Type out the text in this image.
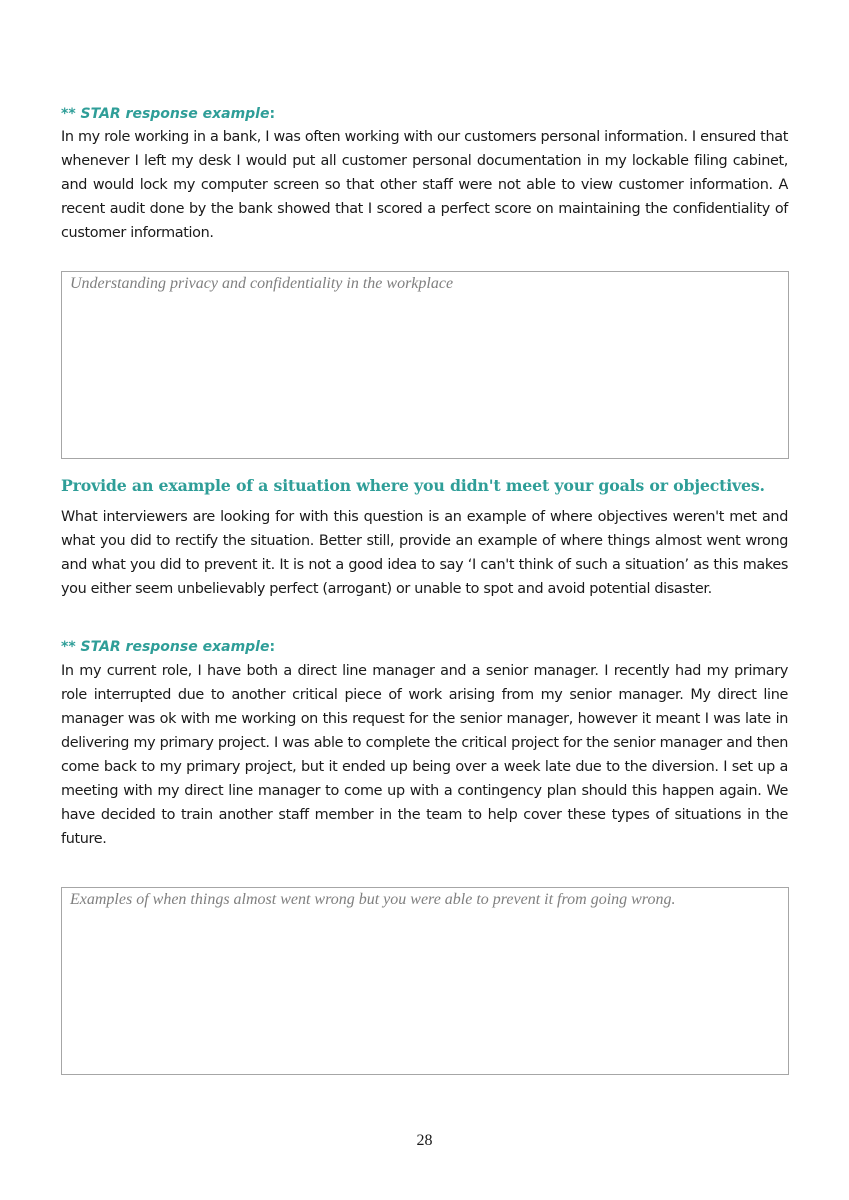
** STAR response example:

In my role working in a bank, I was often working with our customers personal information. I ensured that whenever I left my desk I would put all customer personal documentation in my lockable filing cabinet, and would lock my computer screen so that other staff were not able to view customer information. A recent audit done by the bank showed that I scored a perfect score on maintaining the confidentiality of customer information.

Understanding privacy and confidentiality in the workplace
Provide an example of a situation where you didn't meet your goals or objectives.

What interviewers are looking for with this question is an example of where objectives weren't met and what you did to rectify the situation. Better still, provide an example of where things almost went wrong and what you did to prevent it. It is not a good idea to say ‘I can't think of such a situation’ as this makes you either seem unbelievably perfect (arrogant) or unable to spot and avoid potential disaster.

** STAR response example:

In my current role, I have both a direct line manager and a senior manager. I recently had my primary role interrupted due to another critical piece of work arising from my senior manager. My direct line manager was ok with me working on this request for the senior manager, however it meant I was late in delivering my primary project. I was able to complete the critical project for the senior manager and then come back to my primary project, but it ended up being over a week late due to the diversion. I set up a meeting with my direct line manager to come up with a contingency plan should this happen again. We have decided to train another staff member in the team to help cover these types of situations in the future.

Examples of when things almost went wrong but you were able to prevent it from going wrong.
28
